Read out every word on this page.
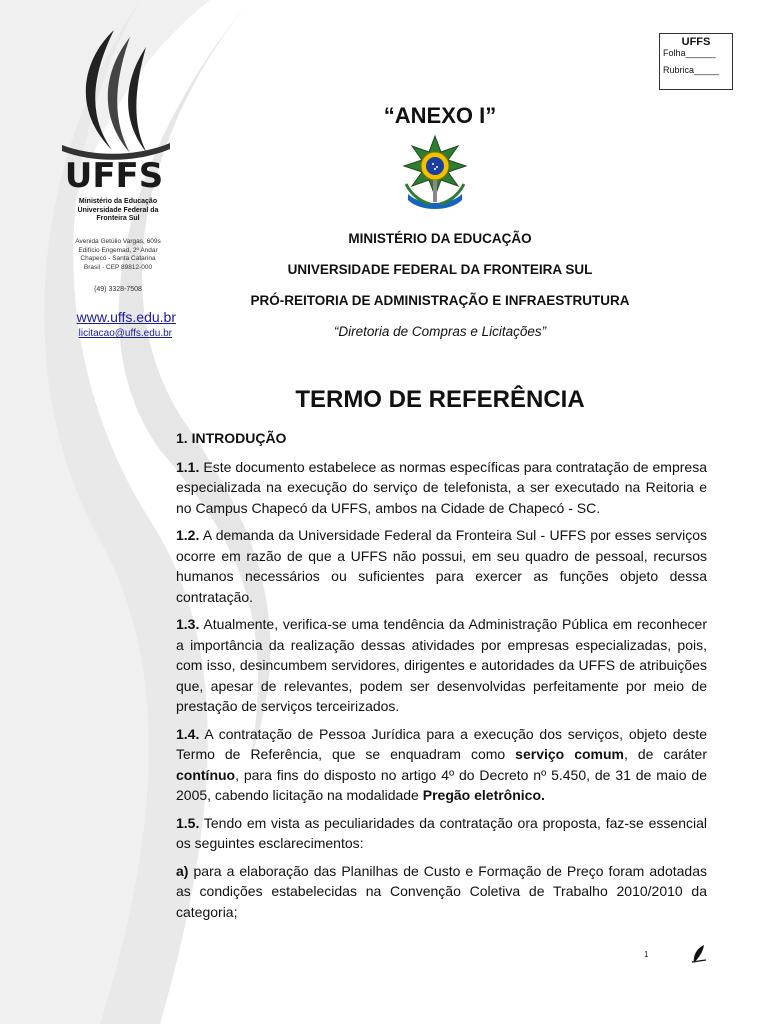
UFFS
Ministério da Educação
Universidade Federal da
Fronteira Sul
Avenida Getúlio Vargas, 609s
Edifício Engemad, 2º Andar
Chapecó - Santa Catarina
Brasil - CEP 89812-000
(49) 3328-7508
www.uffs.edu.br
licitacao@uffs.edu.br
UFFS
Folha______
Rubrica_____
“ANEXO I”
MINISTÉRIO DA EDUCAÇÃO
UNIVERSIDADE FEDERAL DA FRONTEIRA SUL
PRÓ-REITORIA DE ADMINISTRAÇÃO E INFRAESTRUTURA
“Diretoria de Compras e Licitações”
TERMO DE REFERÊNCIA
1. INTRODUÇÃO

1.1. Este documento estabelece as normas específicas para contratação de empresa especializada na execução do serviço de telefonista, a ser executado na Reitoria e no Campus Chapecó da UFFS, ambos na Cidade de Chapecó - SC.

1.2. A demanda da Universidade Federal da Fronteira Sul - UFFS por esses serviços ocorre em razão de que a UFFS não possui, em seu quadro de pessoal, recursos humanos necessários ou suficientes para exercer as funções objeto dessa contratação.

1.3. Atualmente, verifica-se uma tendência da Administração Pública em reconhecer a importância da realização dessas atividades por empresas especializadas, pois, com isso, desincumbem servidores, dirigentes e autoridades da UFFS de atribuições que, apesar de relevantes, podem ser desenvolvidas perfeitamente por meio de prestação de serviços terceirizados.

1.4. A contratação de Pessoa Jurídica para a execução dos serviços, objeto deste Termo de Referência, que se enquadram como serviço comum, de caráter contínuo, para fins do disposto no artigo 4º do Decreto nº 5.450, de 31 de maio de 2005, cabendo licitação na modalidade Pregão eletrônico.

1.5. Tendo em vista as peculiaridades da contratação ora proposta, faz-se essencial os seguintes esclarecimentos:

a) para a elaboração das Planilhas de Custo e Formação de Preço foram adotadas as condições estabelecidas na Convenção Coletiva de Trabalho 2010/2010 da categoria;

1
